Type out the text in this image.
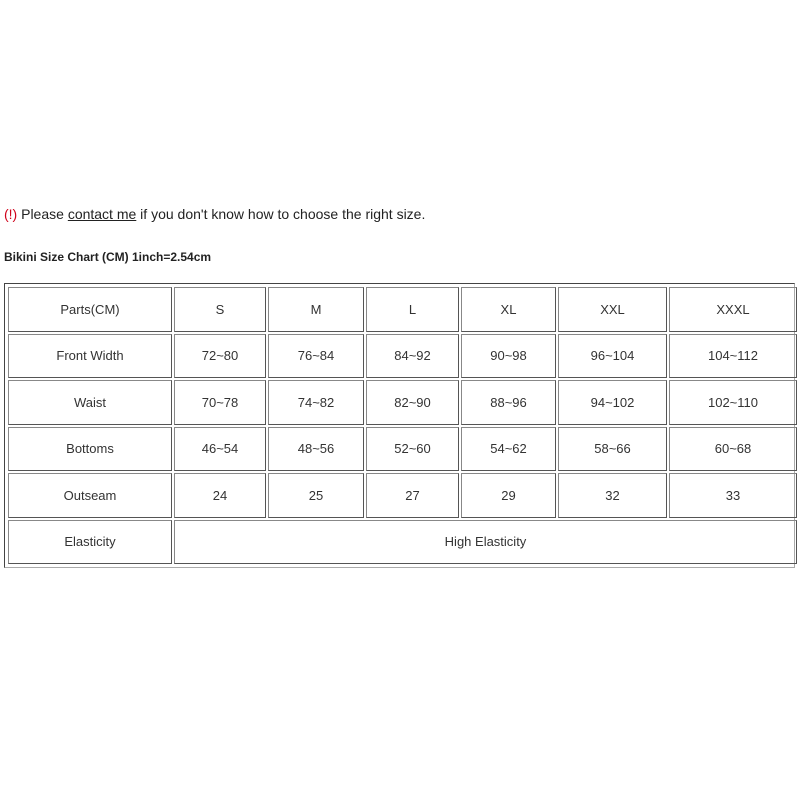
(!) Please contact me if you don't know how to choose the right size.
Bikini Size Chart (CM) 1inch=2.54cm
Parts(CM)	S	M	L	XL	XXL	XXXL
Front Width	72~80	76~84	84~92	90~98	96~104	104~112
Waist	70~78	74~82	82~90	88~96	94~102	102~110
Bottoms	46~54	48~56	52~60	54~62	58~66	60~68
Outseam	24	25	27	29	32	33
Elasticity	High Elasticity					
